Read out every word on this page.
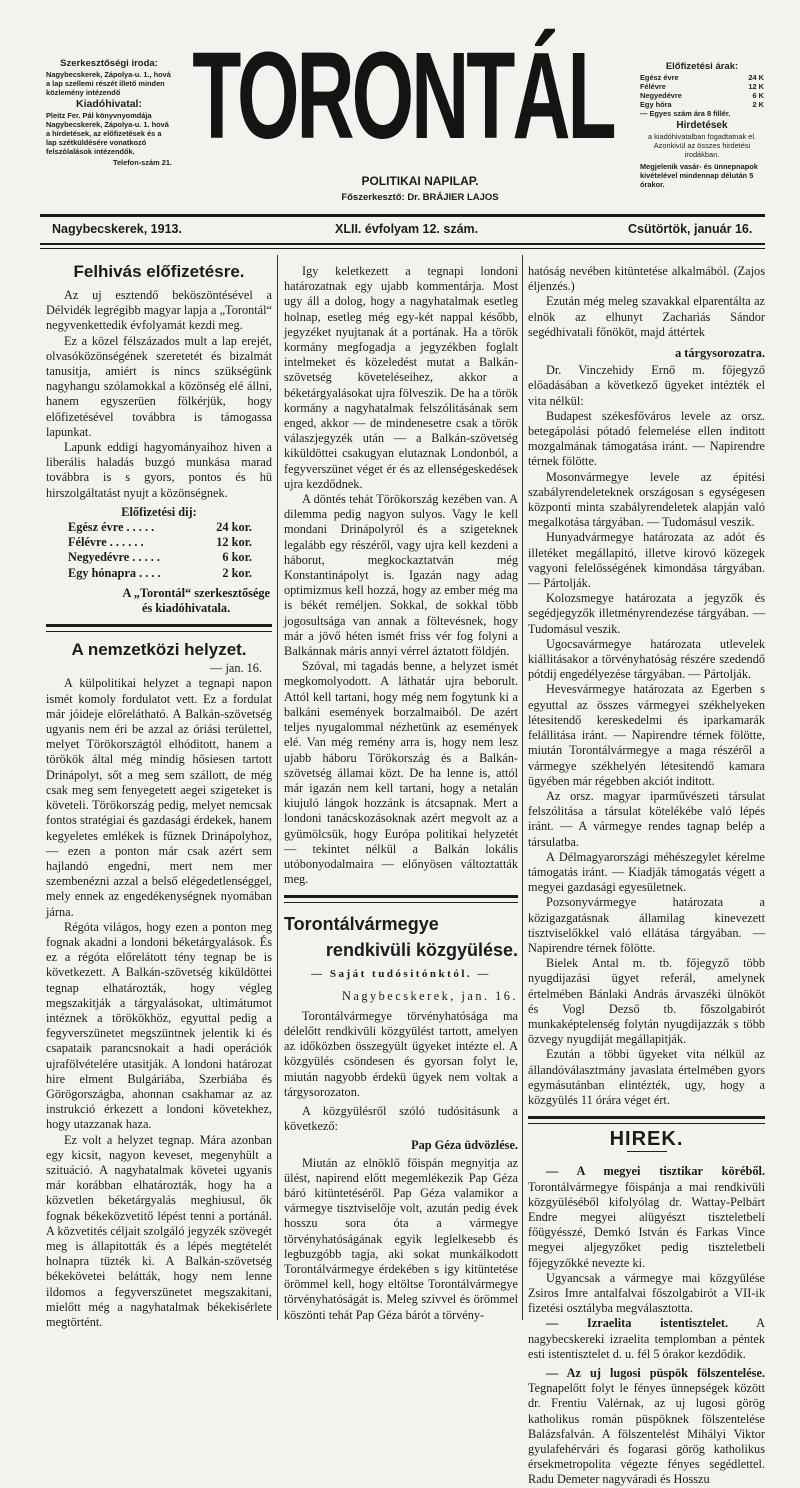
Szerkesztőségi iroda:

Nagybecskerek, Zápolya-u. 1., hová a lap szellemi részét illető minden közlemény intézendő

Kiadóhivatal:

Pleitz Fer. Pál könyvnyomdája Nagybecskerek, Zápolya-u. 1. hová a hirdetések, az előfizetések és a lap szétküldésére vonatkozó felszólalások intézendők.

Telefon-szám 21. TORONTÁL
POLITIKAI NAPILAP.
Főszerkesztő: Dr. BRÁJIER LAJOS
Előfizetési árak:
Egész évre	24 K
Félévre	12 K
Negyedévre	6 K
Egy hóra	2 K

— Egyes szám ára 8 fillér.

Hirdetések

a kiadóhivatalban fogadtatnak el. Azonkivül az összes hirdetési irodákban.

Megjelenik vasár- és ünnepnapok kivételével mindennap délután 5 órakor.

Nagybecskerek, 1913.	XLII. évfolyam 12. szám.	Csütörtök, január 16.
Felhivás előfizetésre.

Az uj esztendő beköszöntésével a Délvidék legrégibb magyar lapja a „Torontál“ negyvenkettedik évfolyamát kezdi meg.

Ez a közel félszázados mult a lap erejét, olvasóközönségének szeretetét és bizalmát tanusitja, amiért is nincs szükségünk nagyhangu szólamokkal a közönség elé állni, hanem egyszerüen fölkérjük, hogy előfizetésével továbbra is támogassa lapunkat.

Lapunk eddigi hagyományaihoz hiven a liberális haladás buzgó munkása marad továbbra is s gyors, pontos és hü hirszolgáltatást nyujt a közönségnek.

Előfizetési dij:
Egész évre . . . . .	24 kor.
Félévre . . . . . .	12 kor.
Negyedévre . . . . .	6 kor.
Egy hónapra . . . .	2 kor.
A „Torontál“ szerkesztősége
és kiadóhivatala.
A nemzetközi helyzet.
— jan. 16.

A külpolitikai helyzet a tegnapi napon ismét komoly fordulatot vett. Ez a fordulat már jóideje előrelátható. A Balkán-szövetség ugyanis nem éri be azzal az óriási területtel, melyet Törökországtól elhóditott, hanem a törökök által még mindig hősiesen tartott Drinápolyt, sőt a meg sem szállott, de még csak meg sem fenyegetett aegei szigeteket is követeli. Törökország pedig, melyet nemcsak fontos stratégiai és gazdasági érdekek, hanem kegyeletes emlékek is fűznek Drinápolyhoz, — ezen a ponton már csak azért sem hajlandó engedni, mert nem mer szembenézni azzal a belső elégedetlenséggel, mely ennek az engedékenységnek nyomában járna.

Régóta világos, hogy ezen a ponton meg fognak akadni a londoni béketárgyalások. És ez a régóta előrelátott tény tegnap be is következett. A Balkán-szövetség kiküldöttei tegnap elhatározták, hogy végleg megszakitják a tárgyalásokat, ultimátumot intéznek a törökökhöz, egyuttal pedig a fegyverszünetet megszüntnek jelentik ki és csapataik parancsnokait a hadi operációk ujrafölvételére utasitják. A londoni határozat hire elment Bulgáriába, Szerbiába és Görögországba, ahonnan csakhamar az az instrukció érkezett a londoni követekhez, hogy utazzanak haza.

Ez volt a helyzet tegnap. Mára azonban egy kicsit, nagyon keveset, megenyhült a szituáció. A nagyhatalmak követei ugyanis már korábban elhatározták, hogy ha a közvetlen béketárgyalás meghiusul, ők fognak békeközvetitő lépést tenni a portánál. A közvetités céljait szolgáló jegyzék szövegét meg is állapitották és a lépés megtételét holnapra tüzték ki. A Balkán-szövetség békekövetei belátták, hogy nem lenne ildomos a fegyverszünetet megszakitani, mielőtt még a nagyhatalmak békekisérlete megtörtént.

Igy keletkezett a tegnapi londoni határozatnak egy ujabb kommentárja. Most ugy áll a dolog, hogy a nagyhatalmak esetleg holnap, esetleg még egy-két nappal később, jegyzéket nyujtanak át a portának. Ha a török kormány megfogadja a jegyzékben foglalt intelmeket és közeledést mutat a Balkán-szövetség követeléseihez, akkor a béketárgyalásokat ujra fölveszik. De ha a török kormány a nagyhatalmak felszólitásának sem enged, akkor — de mindenesetre csak a török válaszjegyzék után — a Balkán-szövetség kiküldöttei csakugyan elutaznak Londonból, a fegyverszünet véget ér és az ellenségeskedések ujra kezdődnek.

A döntés tehát Törökország kezében van. A dilemma pedig nagyon sulyos. Vagy le kell mondani Drinápolyról és a szigeteknek legalább egy részéről, vagy ujra kell kezdeni a háborut, megkockaztatván még Konstantinápolyt is. Igazán nagy adag optimizmus kell hozzá, hogy az ember még ma is békét reméljen. Sokkal, de sokkal több jogosultsága van annak a föltevésnek, hogy már a jövő héten ismét friss vér fog folyni a Balkánnak máris annyi vérrel áztatott földjén.

Szóval, mi tagadás benne, a helyzet ismét megkomolyodott. A láthatár ujra beborult. Attól kell tartani, hogy még nem fogytunk ki a balkáni események borzalmaiból. De azért teljes nyugalommal nézhetünk az események elé. Van még remény arra is, hogy nem lesz ujabb háboru Törökország és a Balkán-szövetség államai közt. De ha lenne is, attól már igazán nem kell tartani, hogy a netalán kiujuló lángok hozzánk is átcsapnak. Mert a londoni tanácskozásoknak azért megvolt az a gyümölcsük, hogy Európa politikai helyzetét — tekintet nélkül a Balkán lokális utóbonyodalmaira — előnyösen változtatták meg.

Torontálvármegye
rendkivüli közgyülése.
— Saját tudósitónktól. —
Nagybecskerek, jan. 16.

Torontálvármegye törvényhatósága ma délelőtt rendkivüli közgyülést tartott, amelyen az időközben összegyült ügyeket intézte el. A közgyülés csöndesen és gyorsan folyt le, miután nagyobb érdekü ügyek nem voltak a tárgysorozaton.

A közgyülésről szóló tudósitásunk a következő:

Pap Géza üdvözlése.

Miután az elnöklő főispán megnyitja az ülést, napirend előtt megemlékezik Pap Géza báró kitüntetéséről. Pap Géza valamikor a vármegye tisztviselője volt, azután pedig évek hosszu sora óta a vármegye törvényhatóságának egyik leglelkesebb és legbuzgóbb tagja, aki sokat munkálkodott Torontálvármegye érdekében s igy kitüntetése örömmel kell, hogy eltöltse Torontálvármegye törvényhatóságát is. Meleg szivvel és örömmel köszönti tehát Pap Géza bárót a törvény-

hatóság nevében kitüntetése alkalmából. (Zajos éljenzés.)

Ezután még meleg szavakkal elparentálta az elnök az elhunyt Zachariás Sándor segédhivatali főnököt, majd áttértek

a tárgysorozatra.

Dr. Vinczehidy Ernő m. főjegyző előadásában a következő ügyeket intézték el vita nélkül:

Budapest székesfőváros levele az orsz. betegápolási pótadó felemelése ellen inditott mozgalmának támogatása iránt. — Napirendre térnek fölötte.

Mosonvármegye levele az épitési szabályrendeleteknek országosan s egységesen központi minta szabályrendeletek alapján való megalkotása tárgyában. — Tudomásul veszik.

Hunyadvármegye határozata az adót és illetéket megállapitó, illetve kirovó közegek vagyoni felelősségének kimondása tárgyában. — Pártolják.

Kolozsmegye határozata a jegyzők és segédjegyzők illetményrendezése tárgyában. — Tudomásul veszik.

Ugocsavármegye határozata utlevelek kiállitásakor a törvényhatóság részére szedendő pótdij engedélyezése tárgyában. — Pártolják.

Hevesvármegye határozata az Egerben s egyuttal az összes vármegyei székhelyeken létesitendő kereskedelmi és iparkamarák felállitása iránt. — Napirendre térnek fölötte, miután Torontálvármegye a maga részéről a vármegye székhelyén létesitendő kamara ügyében már régebben akciót inditott.

Az orsz. magyar iparművészeti társulat felszólitása a társulat kötelékébe való lépés iránt. — A vármegye rendes tagnap belép a társulatba.

A Délmagyarországi méhészegylet kérelme támogatás iránt. — Kiadják támogatás végett a megyei gazdasági egyesületnek.

Pozsonyvármegye határozata a közigazgatásnak államilag kinevezett tisztviselőkkel való ellátása tárgyában. — Napirendre térnek fölötte.

Bielek Antal m. tb. főjegyző több nyugdijazási ügyet referál, amelynek értelmében Bánlaki András árvaszéki ülnököt és Vogl Dezső tb. főszolgabirót munkaképtelenség folytán nyugdijazzák s több özvegy nyugdiját megállapitják.

Ezután a többi ügyeket vita nélkül az állandóválasztmány javaslata értelmében gyors egymásutánban elintézték, ugy, hogy a közgyülés 11 órára véget ért.

HIREK.

— A megyei tisztikar köréből. Torontálvármegye főispánja a mai rendkivüli közgyüléséből kifolyólag dr. Wattay-Pelbárt Endre megyei alügyészt tiszteletbeli főügyésszé, Demkó István és Farkas Vince megyei aljegyzőket pedig tiszteletbeli főjegyzőkké nevezte ki.

Ugyancsak a vármegye mai közgyülése Zsiros Imre antalfalvai főszolgabirót a VII-ik fizetési osztályba megválasztotta.

— Izraelita istentisztelet. A nagybecskereki izraelita templomban a péntek esti istentisztelet d. u. fél 5 órakor kezdődik.

— Az uj lugosi püspök fölszentelése. Tegnapelőtt folyt le fényes ünnepségek között dr. Frentiu Valérnak, az uj lugosi görög katholikus román püspöknek fölszentelése Balázsfalván. A fölszentelést Mihályi Viktor gyulafehérvári és fogarasi görög katholikus érsekmetropolita végezte fényes segédlettel. Radu Demeter nagyváradi és Hosszu
